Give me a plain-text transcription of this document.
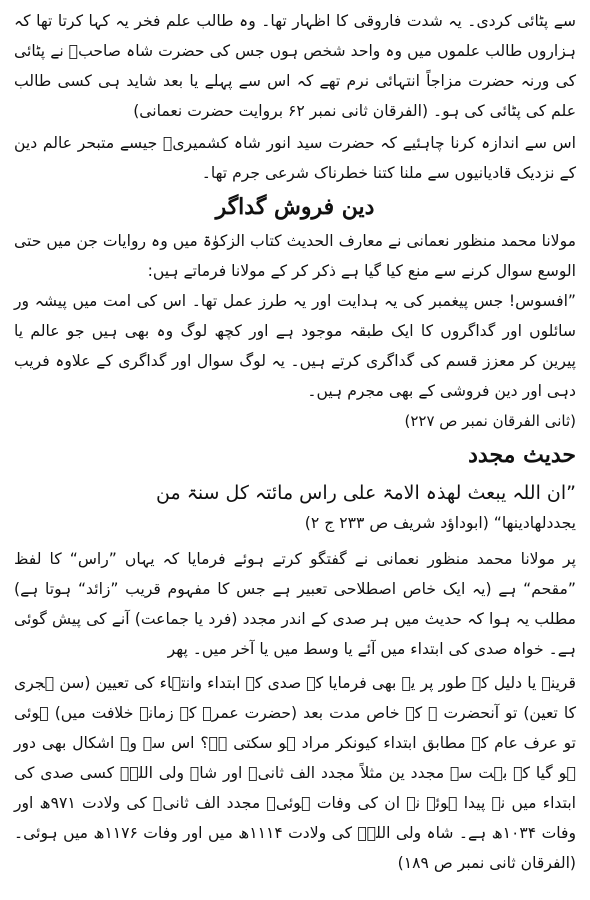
سے پٹائی کردی۔ یہ شدت فاروقی کا اظہار تھا۔ وہ طالب علم فخر یہ کہا کرتا تھا کہ ہزاروں طالب علموں میں وہ واحد شخص ہوں جس کی حضرت شاہ صاحبؒ نے پٹائی کی ورنہ حضرت مزاجاً انتہائی نرم تھے کہ اس سے پہلے یا بعد شاید ہی کسی طالب علم کی پٹائی کی ہو۔ (الفرقان ثانی نمبر ۶۲ بروایت حضرت نعمانی)

اس سے اندازہ کرنا چاہئیے کہ حضرت سید انور شاہ کشمیریؒ جیسے متبحر عالم دین کے نزدیک قادیانیوں سے ملنا کتنا خطرناک شرعی جرم تھا۔

دین فروش گداگر

مولانا محمد منظور نعمانی نے معارف الحدیث کتاب الزکوٰۃ میں وہ روایات جن میں حتی الوسع سوال کرنے سے منع کیا گیا ہے ذکر کر کے مولانا فرماتے ہیں:

”افسوس! جس پیغمبر کی یہ ہدایت اور یہ طرز عمل تھا۔ اس کی امت میں پیشہ ور سائلوں اور گداگروں کا ایک طبقہ موجود ہے اور کچھ لوگ وہ بھی ہیں جو عالم یا پیرین کر معزز قسم کی گداگری کرتے ہیں۔ یہ لوگ سوال اور گداگری کے علاوہ فریب دہی اور دین فروشی کے بھی مجرم ہیں۔

(ثانی الفرقان نمبر ص ۲۲۷)
حدیث مجدد

”ان اللہ یبعث لھذہ الامۃ علی راس مائتہ کل سنۃ من

یجددلھادینھا“ (ابوداؤد شریف ص ۲۳۳ ج ۲)

پر مولانا محمد منظور نعمانی نے گفتگو کرتے ہوئے فرمایا کہ یہاں ”راس“ کا لفظ ”مقحم“ ہے (یہ ایک خاص اصطلاحی تعبیر ہے جس کا مفہوم قریب ”زائد“ ہوتا ہے) مطلب یہ ہوا کہ حدیث میں ہر صدی کے اندر مجدد (فرد یا جماعت) آنے کی پیش گوئی ہے۔ خواہ صدی کی ابتداء میں آئے یا وسط میں یا آخر میں۔ پھر

قرینہ یا دلیل کے طور پر یہ بھی فرمایا کہ صدی کے ابتداء وانتہاء کی تعیین (سن ہجری کا تعین) تو آنحضرت ﷺ کے خاص مدت بعد (حضرت عمرؓ کے زمانہ خلافت میں) ہوئی تو عرف عام کے مطابق ابتداء کیونکر مراد ہو سکتی ہے؟ اس سے وہ اشکال بھی دور ہو گیا کہ بہت سے مجدد ین مثلاً مجدد الف ثانیؒ اور شاہ ولی اللہؒ کسی صدی کی ابتداء میں نہ پیدا ہوئے نہ ان کی وفات ہوئی۔ مجدد الف ثانیؒ کی ولادت ۹۷۱ھ اور وفات ۱۰۳۴ھ ہے۔ شاہ ولی اللہؒ کی ولادت ۱۱۱۴ھ میں اور وفات ۱۱۷۶ھ میں ہوئی۔ (الفرقان ثانی نمبر ص ۱۸۹)
